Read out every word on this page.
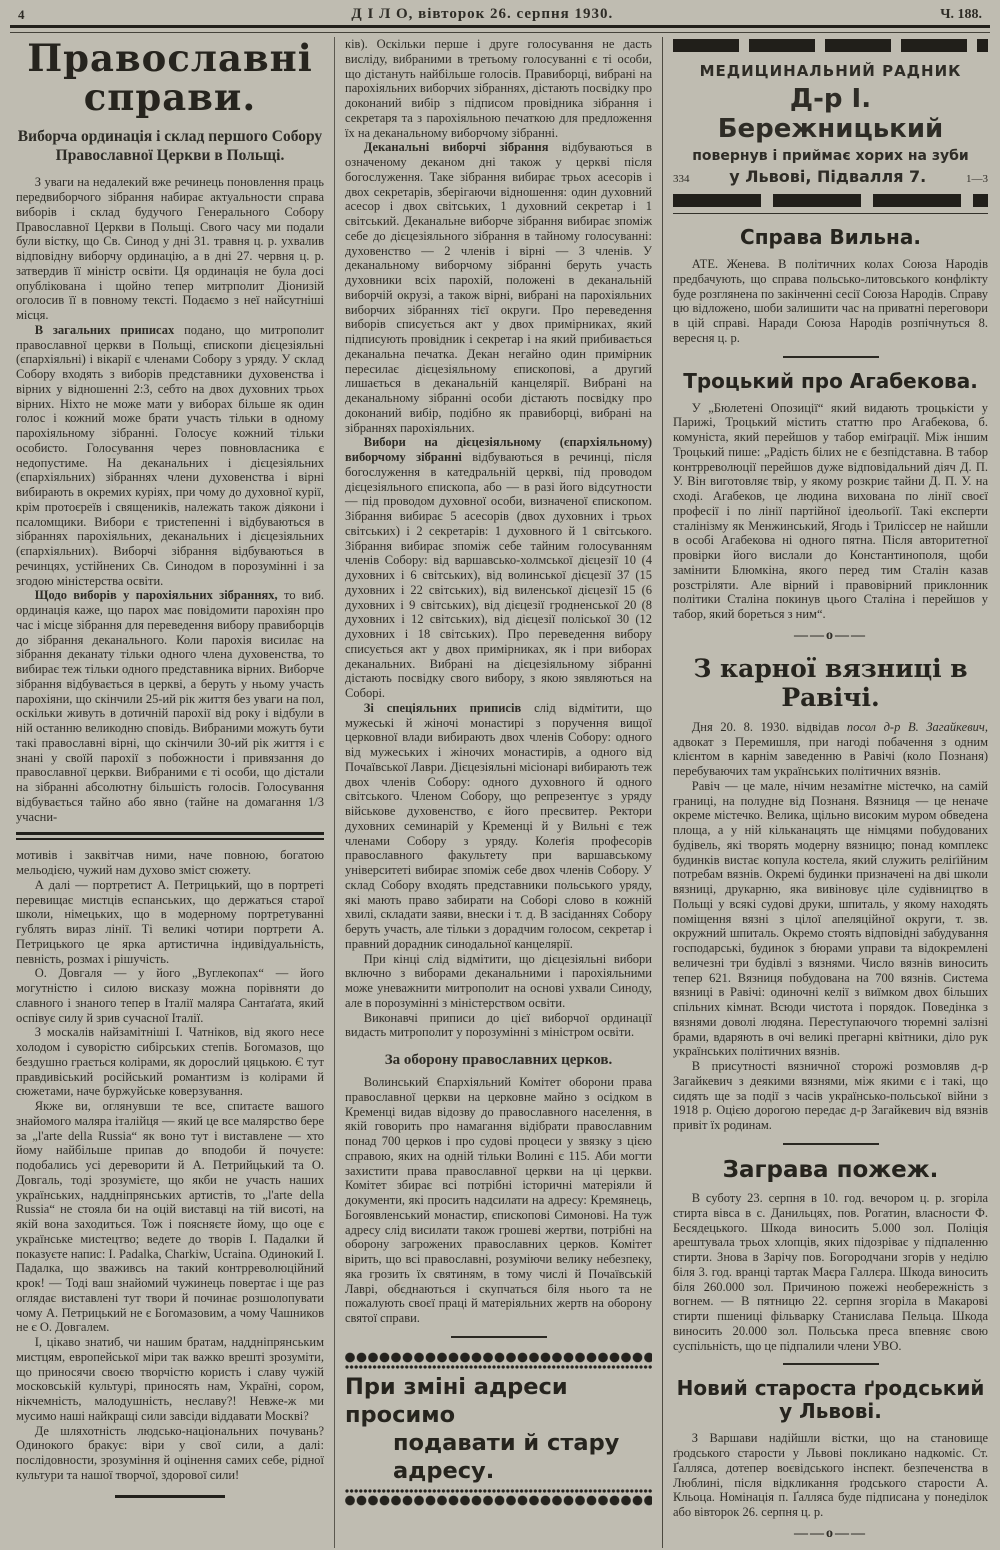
4	Д І Л О, вівторок 26. серпня 1930.	Ч. 188.
Православні справи.
Виборча ординація і склад першого Собору Православної Церкви в Польщі.

З уваги на недалекий вже речинець поновлення праць передвиборчого зібрання набирає актуальности справа виборів і склад будучого Генерального Собору Православної Церкви в Польщі. Свого часу ми подали були вістку, що Св. Синод у дні 31. травня ц. р. ухвалив відповідну виборчу ординацію, а в дні 27. червня ц. р. затвердив її міністр освіти. Ця ординація не була досі опублікована і щойно тепер митрполит Діонизій оголосив її в повному тексті. Подаємо з неї найсутніші місця.

В загальних приписах подано, що митрополит православної церкви в Польщі, єпископи дієцезіяльні (єпархіяльні) і вікарії є членами Собору з уряду. У склад Собору входять з виборів представники духовенства і вірних у відношенні 2:3, себто на двох духовних трьох вірних. Ніхто не може мати у виборах більше як один голос і кожний може брати участь тільки в одному парохіяльному зібранні. Голосує кожний тільки особисто. Голосування через повновласника є недопустиме. На деканальних і дієцезіяльних (єпархіяльних) зібраннях члени духовенства і вірні вибирають в окремих куріях, при чому до духовної курії, крім протоєреїв і священиків, належать також діякони і псаломщики. Вибори є тристепенні і відбуваються в зібраннях парохіяльних, деканальних і дієцезіяльних (єпархіяльних). Виборчі зібрання відбуваються в речинцях, устійнених Св. Синодом в порозумінні і за згодою міністерства освіти.

Щодо виборів у парохіяльних зібраннях, то виб. ординація каже, що парох має повідомити парохіян про час і місце зібрання для переведення вибору правиборців до зібрання деканального. Коли парохія висилає на зібрання деканату тільки одного члена духовенства, то вибирає теж тільки одного представника вірних. Виборче зібрання відбувається в церкві, а беруть у ньому участь парохіяни, що скінчили 25-ий рік життя без уваги на пол, оскільки живуть в дотичній парохії від року і відбули в ній останню великодню сповідь. Вибраними можуть бути такі православні вірні, що скінчили 30-ий рік життя і є знані у своїй парохії з побожности і привязання до православної церкви. Вибраними є ті особи, що дістали на зібранні абсолютну більшість голосів. Голосування відбувається тайно або явно (тайне на домагання 1/3 учасни-

мотивів і заквітчав ними, наче повною, богатою мельодією, чужий нам духово зміст сюжету.

А далі — портретист А. Петрицький, що в портреті перевищає мистців еспанських, що держаться старої школи, німецьких, що в модерному портретуванні гублять вираз лінії. Ті великі чотири портрети А. Петрицького це ярка артистична індивідуальність, певність, розмах і рішучість.

О. Довгаля — у його „Вуглекопах“ — його могутністю і силою висказу можна порівняти до славного і знаного тепер в Італії маляра Сантаґата, який оспівує силу й зрив сучасної Італії.

З москалів найзамітніші І. Чатніков, від якого несе холодом і суворістю сибірських степів. Богомазов, що бездушно грається колірами, як дорослий цяцькою. Є тут правдивіський російський романтизм із колірами й сюжетами, наче буржуйське коверзування.

Якже ви, оглянувши те все, спитаєте вашого знайомого маляра італійця — який це все малярство бере за „l'arte della Russia“ як воно тут і виставлене — хто йому найбільше припав до вподоби й почуєте: подобались усі дереворити й А. Петрийцький та О. Довгаль, тоді зрозумієте, що якби не участь наших українських, наддніпрянських артистів, то „l'arte della Russia“ не стояла би на оцій виставці на тій висоті, на якій вона заходиться. Тож і поясняєте йому, що оце є українське мистецтво; ведете до творів І. Падалки й показуєте напис: I. Padalka, Charkiw, Ucraina. Одинокий І. Падалка, що зваживсь на такий контрреволюційний крок! — Тоді ваш знайомий чужинець повертає і ще раз оглядає виставлені тут твори й починає розшолопувати чому А. Петрицький не є Богомазовим, а чому Чашников не є О. Довгалем.

І, цікаво знатиб, чи нашим братам, наддніпрянським мистцям, европейської міри так важко врешті зрозуміти, що приносячи своєю творчістю користь і славу чужій московській культурі, приносять нам, Україні, сором, нікчемність, малодушність, неславу?! Невже-ж ми мусимо наші найкращі сили завсіди віддавати Москві?

Де шляхотність людсько-національних почувань? Одинокого бракує: віри у свої сили, а далі: послідовности, зрозуміння й оцінення самих себе, рідної культури та нашої творчої, здорової сили!

ків). Оскільки перше і друге голосування не дасть висліду, вибраними в третьому голосуванні є ті особи, що дістануть найбільше голосів. Правиборці, вибрані на парохіяльних виборчих зібраннях, дістають посвідку про доконаний вибір з підписом провідника зібрання і секретаря та з парохіяльною печаткою для предложення їх на деканальному виборчому зібранні.

Деканальні виборчі зібрання відбуваються в означеному деканом дні також у церкві після богослуження. Таке зібрання вибирає трьох асесорів і двох секретарів, зберігаючи відношення: один духовний асесор і двох світських, 1 духовний секретар і 1 світський. Деканальне виборче зібрання вибирає зпоміж себе до дієцезіяльного зібрання в тайному голосуванні: духовенство — 2 членів і вірні — 3 членів. У деканальному виборчому зібранні беруть участь духовники всіх парохій, положені в деканальній виборчій окрузі, а також вірні, вибрані на парохіяльних виборчих зібраннях тієї округи. Про переведення виборів списується акт у двох примірниках, який підписують провідник і секретар і на який прибивається деканальна печатка. Декан негайно один примірник пересилає дієцезіяльному єпископові, а другий лишається в деканальній канцелярії. Вибрані на деканальному зібранні особи дістають посвідку про доконаний вибір, подібно як правиборці, вибрані на зібраннях парохіяльних.

Вибори на дієцезіяльному (єпархіяльному) виборчому зібранні відбуваються в речинці, після богослуження в катедральній церкві, під проводом дієцезіяльного єпископа, або — в разі його відсутности — під проводом духовної особи, визначеної єпископом. Зібрання вибирає 5 асесорів (двох духовних і трьох світських) і 2 секретарів: 1 духовного й 1 світського. Зібрання вибирає зпоміж себе тайним голосуванням членів Собору: від варшавсько-холмської дієцезії 10 (4 духовних і 6 світських), від волинської дієцезії 37 (15 духовних і 22 світських), від виленської дієцезії 15 (6 духовних і 9 світських), від дієцезії гродненської 20 (8 духовних і 12 світських), від дієцезії поліської 30 (12 духовних і 18 світських). Про переведення вибору списується акт у двох примірниках, як і при виборах деканальних. Вибрані на дієцезіяльному зібранні дістають посвідку свого вибору, з якою зявляються на Соборі.

Зі спеціяльних приписів слід відмітити, що мужеські й жіночі монастирі з поручення вищої церковної влади вибирають двох членів Собору: одного від мужеських і жіночих монастирів, а одного від Почаївської Лаври. Дієцезіяльні місіонарі вибирають теж двох членів Собору: одного духовного й одного світського. Членом Собору, що репрезентує з уряду військове духовенство, є його пресвитер. Ректори духовних семинарій у Кременці й у Вильні є теж членами Собору з уряду. Колеґія професорів православного факультету при варшавському університеті вибирає зпоміж себе двох членів Собору. У склад Собору входять представники польського уряду, які мають право забирати на Соборі слово в кожній хвилі, складати заяви, внески і т. д. В засіданнях Собору беруть участь, але тільки з дорадчим голосом, секретар і правний дорадник синодальної канцелярії.

При кінці слід відмітити, що дієцезіяльні вибори включно з виборами деканальними і парохіяльними може уневажнити митрополит на основі ухвали Синоду, але в порозумінні з міністерством освіти.

Виконавчі приписи до цієї виборчої ординації видасть митрополит у порозумінні з міністром освіти.

За оборону православних церков.

Волинський Єпархіяльний Комітет оборони права православної церкви на церковне майно з осідком в Кременці видав відозву до православного населення, в якій говорить про намагання відібрати православним понад 700 церков і про судові процеси у звязку з цією справою, яких на одній тільки Волині є 115. Аби могти захистити права православної церкви на ці церкви. Комітет збирає всі потрібні історичні матеріяли й документи, які просить надсилати на адресу: Кремянець, Богоявленський монастир, єпископові Симонові. На туж адресу слід висилати також грошеві жертви, потрібні на оборону загрожених православних церков. Комітет вірить, що всі православні, розуміючи велику небезпеку, яка грозить їх святиням, в тому числі й Почаївській Лаврі, обєднаються і скупчаться біля нього та не пожалують своєї праці й матеріяльних жертв на оборону святої справи.

При зміні адреси просимо
подавати й стару адресу.
МЕДИЦИНАЛЬНИЙ РАДНИК
Д-р І. Бережницький
повернув і приймає хорих на зуби
334 у Львові, Підвалля 7.	1—3
Справа Вильна.

АТЕ. Женева. В політичних колах Союза Народів предбачують, що справа польсько-литовського конфлікту буде розглянена по закінченні сесії Союза Народів. Справу цю відложено, шоби залишити час на приватні переговори в цій справі. Наради Союза Народів розпічнуться 8. вересня ц. р.

Троцький про Агабекова.

У „Бюлетені Опозиції“ який видають троцькісти у Парижі, Троцький містить статтю про Агабекова, б. комуніста, який перейшов у табор еміґрації. Між іншим Троцький пише: „Радість білих не є безпідставна. В табор контрреволюції перейшов дуже відповідальний діяч Д. П. У. Він виготовляє твір, у якому розкриє тайни Д. П. У. на сході. Агабеков, це людина вихована по лінії своєї професії і по лінії партійної ідеольоґії. Такі експерти сталінізму як Менжинський, Ягодь і Триліссер не найшли в особі Агабекова ні одного пятна. Після авторитетної провірки його вислали до Константинополя, щоби замінити Блюмкіна, якого перед тим Сталін казав розстріляти. Але вірний і правовірний приклонник політики Сталіна покинув цього Сталіна і перейшов у табор, який бореться з ним“.

——о——
З карної вязниці в Равічі.

Дня 20. 8. 1930. відвідав посол д-р В. Загайкевич, адвокат з Перемишля, при нагоді побачення з одним клієнтом в карнім заведенню в Равічі (коло Познаня) перебуваючих там українських політичних вязнів.

Равіч — це мале, нічим незамітне містечко, на самій границі, на полудне від Познаня. Вязниця — це неначе окреме містечко. Велика, щільно високим муром обведена площа, а у ній кільканацять ще німцями побудованих будівель, які творять модерну вязницю; понад комплекс будинків вистає копула костела, який служить реліґійним потребам вязнів. Окремі будинки призначені на дві школи вязниці, друкарню, яка вивіновує ціле судівництво в Польщі у всякі судові друки, шпиталь, у якому находять поміщення вязні з цілої апеляційної округи, т. зв. окружний шпиталь. Окремо стоять відповідні забудування господарські, будинок з бюрами управи та відокремлені величезні три будівлі з вязнями. Число вязнів виносить тепер 621. Вязниця побудована на 700 вязнів. Система вязниці в Равічі: одиночні келії з виїмком двох більших спільних кімнат. Всюди чистота і порядок. Поведінка з вязнями доволі людяна. Переступаючого тюремні залізні брами, вдаряють в очі великі прегарні квітники, діло рук українських політичних вязнів.

В присутності вязничної сторожі розмовляв д-р Загайкевич з деякими вязнями, між якими є і такі, що сидять ще за події з часів українсько-польської війни з 1918 р. Оцією дорогою передає д-р Загайкевич від вязнів привіт їх родинам.

Заграва пожеж.

В суботу 23. серпня в 10. год. вечором ц. р. згоріла стирта вівса в с. Данильцях, пов. Рогатин, власности Ф. Бесядецького. Шкода виносить 5.000 зол. Поліція арештувала трьох хлопців, яких підозріває у підпаленню стирти. Знова в Зарічу пов. Богородчани згорів у неділю біля 3. год. вранці тартак Маєра Галлєра. Шкода виносить біля 260.000 зол. Причиною пожежі необережність з вогнем. — В пятницю 22. серпня згоріла в Макарові стирти пшениці фільварку Станислава Пельца. Шкода виносить 20.000 зол. Польська преса впевняє свою суспільність, що це підпалили члени УВО.

Новий староста ґродський у Львові.

З Варшави надійшли вістки, що на становище ґродського старости у Львові покликано надкоміс. Ст. Ґалляса, дотепер воєвідського інспект. безпеченства в Люблині, після відкликання ґродського старости А. Кльоца. Номінація п. Ґалляса буде підписана у понеділок або вівторок 26. серпня ц. р.

——о——
